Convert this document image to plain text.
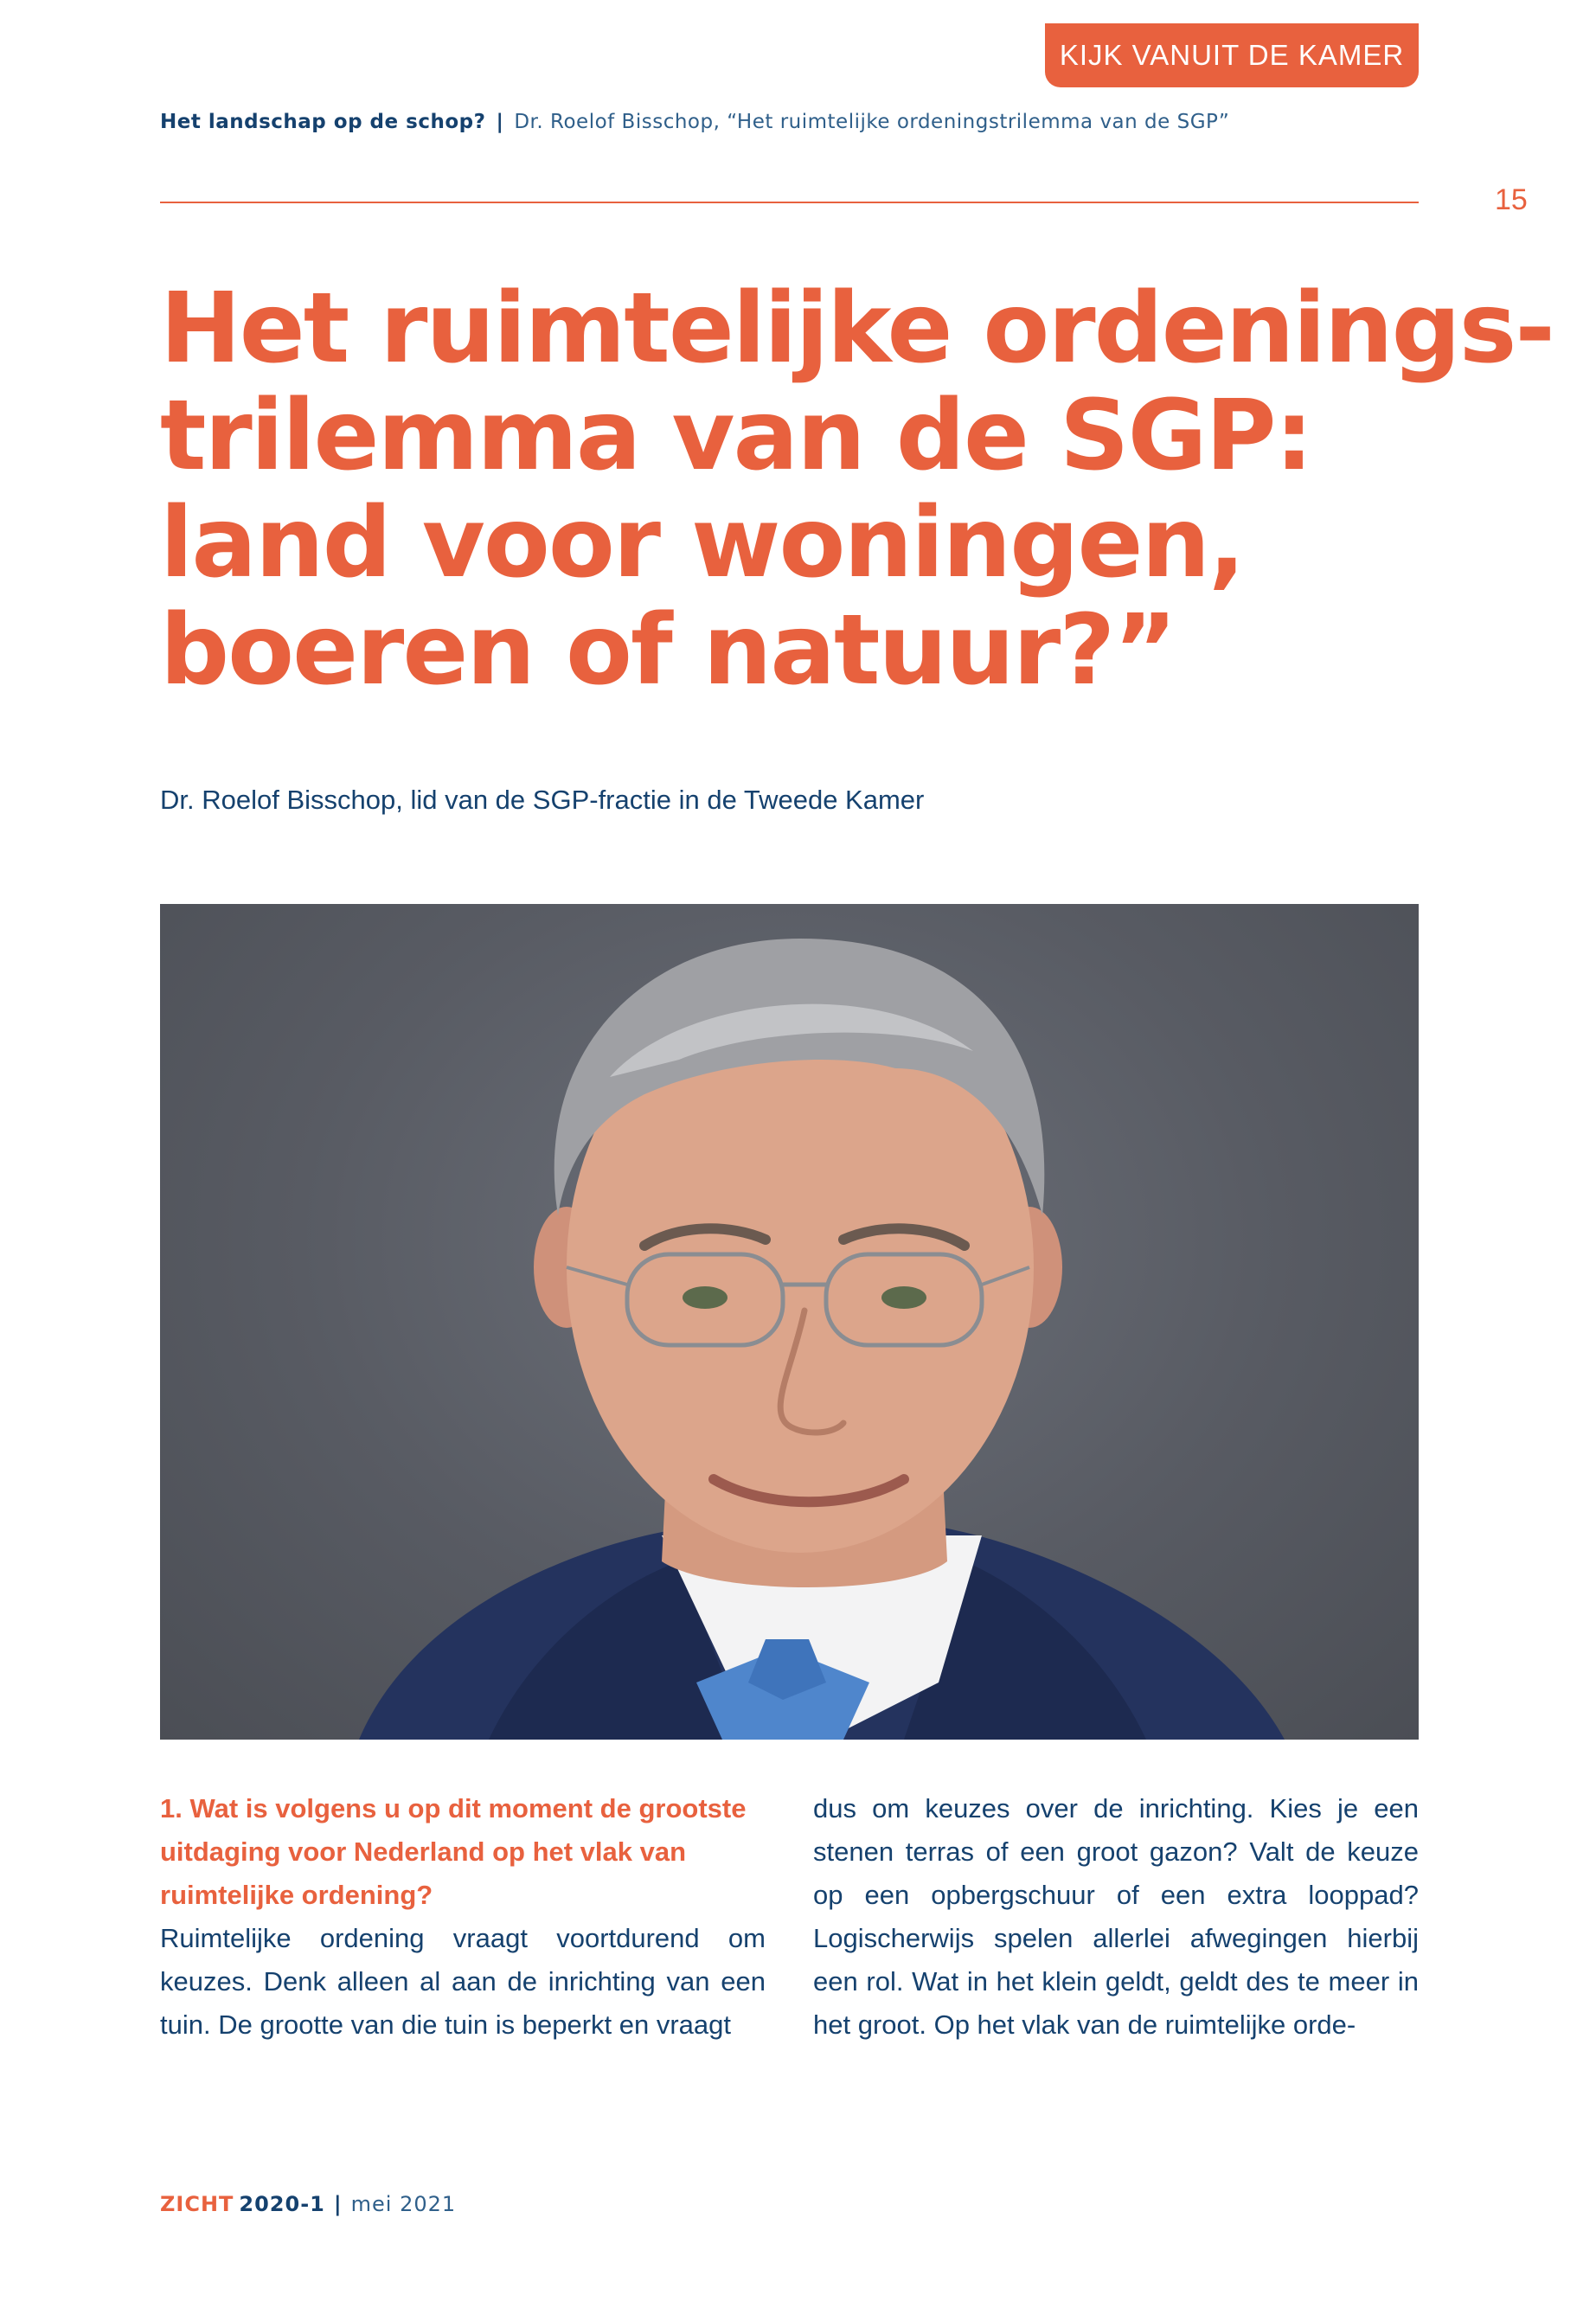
KIJK VANUIT DE KAMER
Het landschap op de schop? | Dr. Roelof Bisschop, “Het ruimtelijke ordeningstrilemma van de SGP”
15
Het ruimtelijke ordenings-
trilemma van de SGP:
land voor woningen,
boeren of natuur?”
Dr. Roelof Bisschop, lid van de SGP-fractie in de Tweede Kamer

1. Wat is volgens u op dit moment de grootste uitdaging voor Nederland op het vlak van ruimtelijke ordening?

Ruimtelijke ordening vraagt voortdurend om keuzes. Denk alleen al aan de inrichting van een tuin. De grootte van die tuin is beperkt en vraagt

dus om keuzes over de inrichting. Kies je een stenen terras of een groot gazon? Valt de keuze op een opbergschuur of een extra looppad? Logischerwijs spelen allerlei afwegingen hierbij een rol. Wat in het klein geldt, geldt des te meer in het groot. Op het vlak van de ruimtelijke orde-

ZICHT 2020-1 | mei 2021
